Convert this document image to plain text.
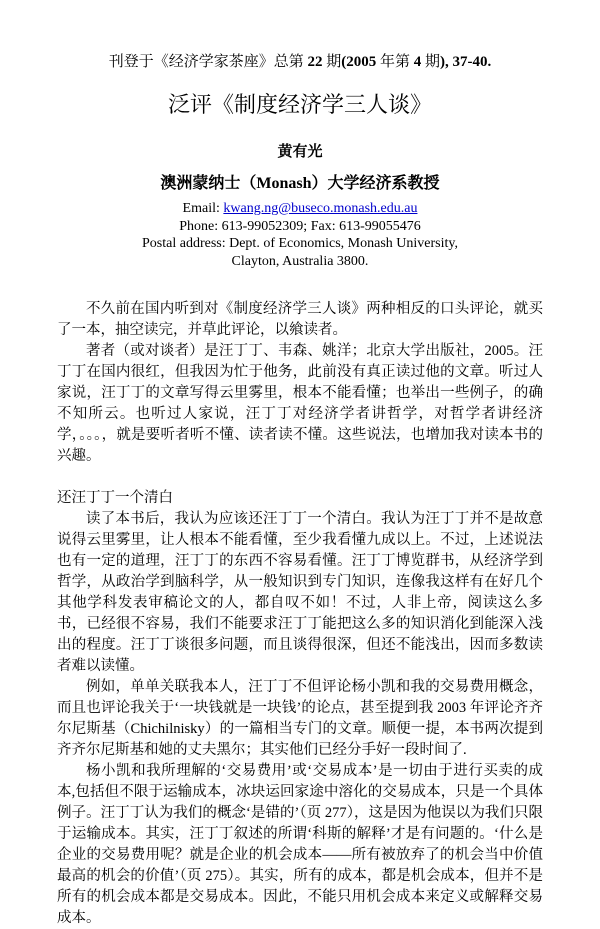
刊登于《经济学家茶座》总第 22 期(2005 年第 4 期), 37-40.

泛评《制度经济学三人谈》

黄有光

澳洲蒙纳士（Monash）大学经济系教授

Email: kwang.ng@buseco.monash.edu.au

Phone: 613-99052309; Fax: 613-99055476

Postal address: Dept. of Economics, Monash University,

Clayton, Australia 3800.

不久前在国内听到对《制度经济学三人谈》两种相反的口头评论，就买了一本，抽空读完，并草此评论，以飨读者。

著者（或对谈者）是汪丁丁、韦森、姚洋；北京大学出版社，2005。汪丁丁在国内很红，但我因为忙于他务，此前没有真正读过他的文章。听过人家说，汪丁丁的文章写得云里雾里，根本不能看懂；也举出一些例子，的确不知所云。也听过人家说，汪丁丁对经济学者讲哲学，对哲学者讲经济学，。。。，就是要听者听不懂、读者读不懂。这些说法，也增加我对读本书的兴趣。

还汪丁丁一个清白

读了本书后，我认为应该还汪丁丁一个清白。我认为汪丁丁并不是故意说得云里雾里，让人根本不能看懂，至少我看懂九成以上。不过，上述说法也有一定的道理，汪丁丁的东西不容易看懂。汪丁丁博览群书，从经济学到哲学，从政治学到脑科学，从一般知识到专门知识，连像我这样有在好几个其他学科发表审稿论文的人，都自叹不如！不过，人非上帝，阅读这么多书，已经很不容易，我们不能要求汪丁丁能把这么多的知识消化到能深入浅出的程度。汪丁丁谈很多问题，而且谈得很深，但还不能浅出，因而多数读者难以读懂。

例如，单单关联我本人，汪丁丁不但评论杨小凯和我的交易费用概念，而且也评论我关于‘一块钱就是一块钱’的论点，甚至提到我 2003 年评论齐齐尔尼斯基（Chichilnisky）的一篇相当专门的文章。顺便一提，本书两次提到齐齐尔尼斯基和她的丈夫黑尔；其实他们已经分手好一段时间了.

杨小凯和我所理解的‘交易费用’或‘交易成本’是一切由于进行买卖的成本,包括但不限于运输成本，冰块运回家途中溶化的交易成本，只是一个具体例子。汪丁丁认为我们的概念‘是错的’（页 277），这是因为他误以为我们只限于运输成本。其实，汪丁丁叙述的所谓‘科斯的解释’才是有问题的。‘什么是企业的交易费用呢？就是企业的机会成本——所有被放弃了的机会当中价值最高的机会的价值’（页 275）。其实，所有的成本，都是机会成本，但并不是所有的机会成本都是交易成本。因此，不能只用机会成本来定义或解释交易成本。
